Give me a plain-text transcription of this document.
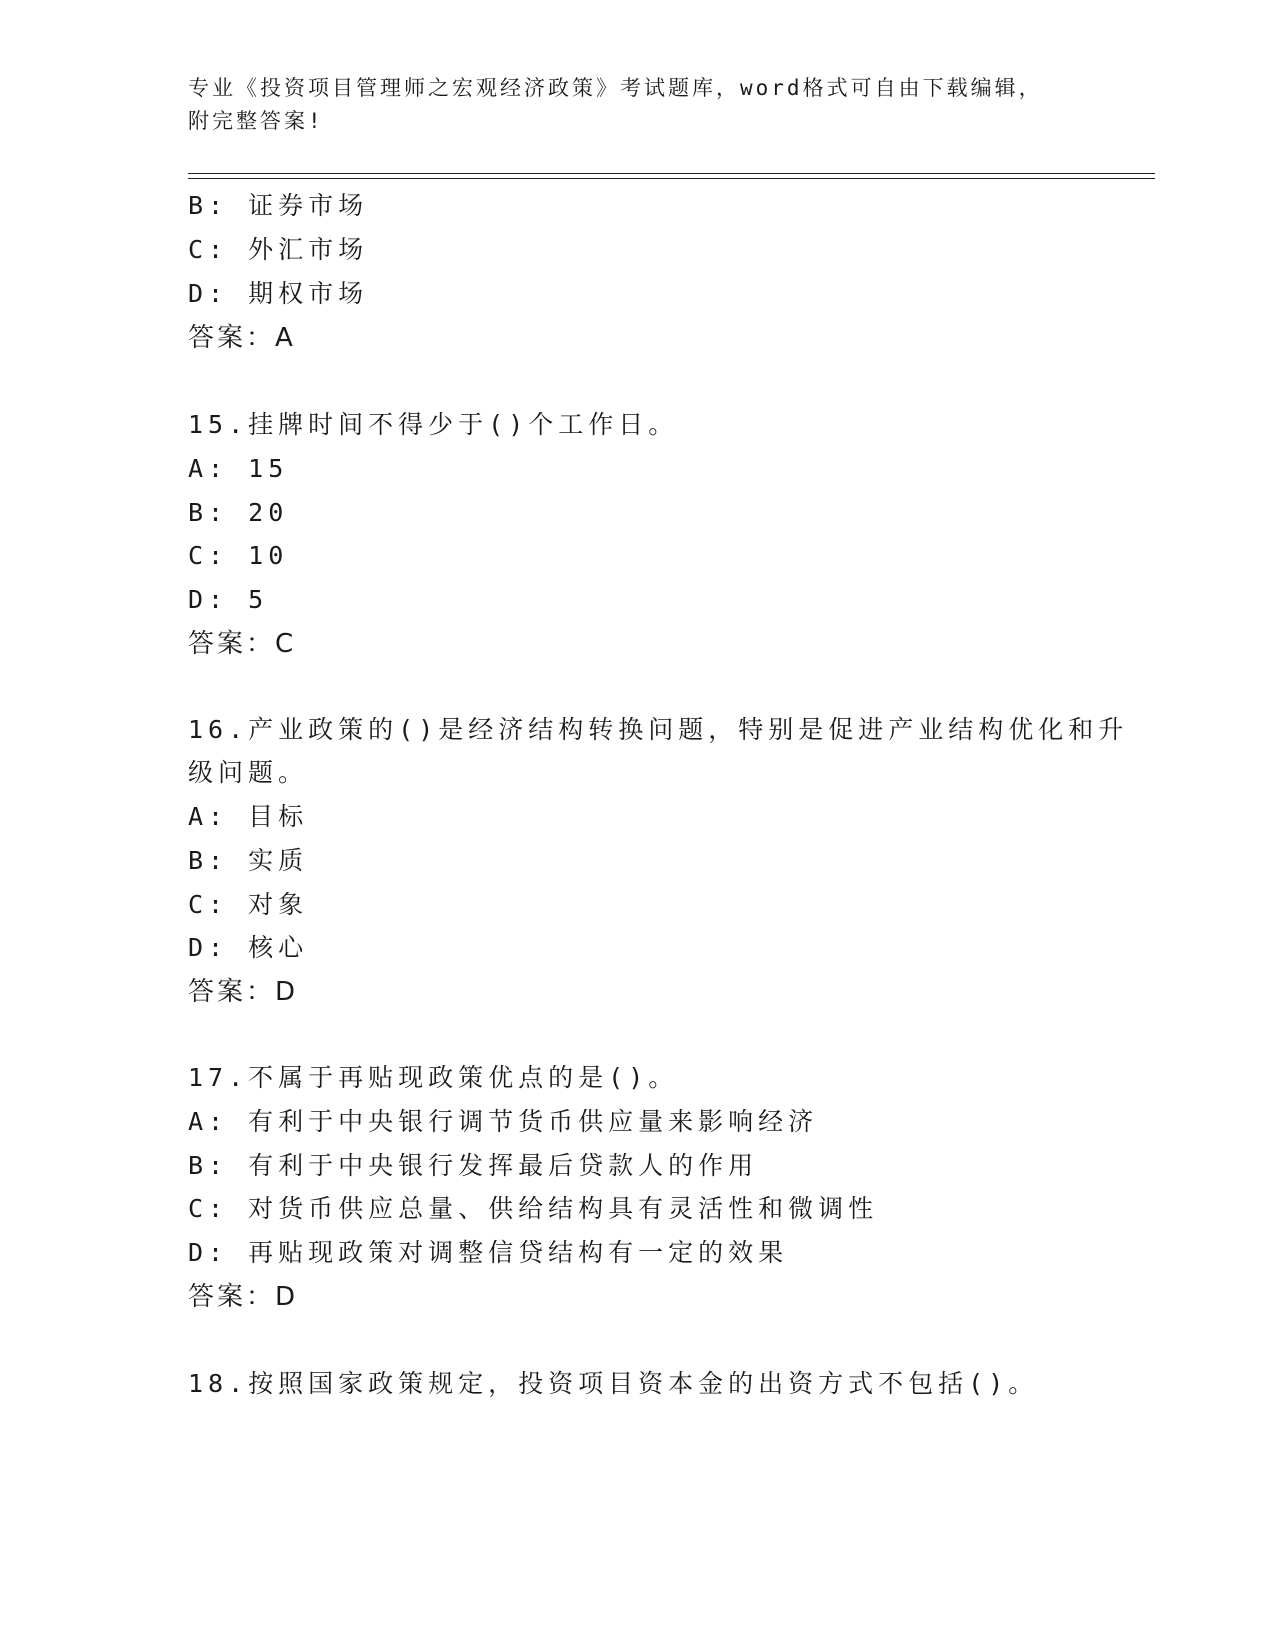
专业《投资项目管理师之宏观经济政策》考试题库，word格式可自由下载编辑，
附完整答案!
B: 证券市场
C: 外汇市场
D: 期权市场
答案：A
15.挂牌时间不得少于()个工作日。
A: 15
B: 20
C: 10
D: 5
答案：C
16.产业政策的()是经济结构转换问题，特别是促进产业结构优化和升
级问题。
A: 目标
B: 实质
C: 对象
D: 核心
答案：D
17.不属于再贴现政策优点的是()。
A: 有利于中央银行调节货币供应量来影响经济
B: 有利于中央银行发挥最后贷款人的作用
C: 对货币供应总量、供给结构具有灵活性和微调性
D: 再贴现政策对调整信贷结构有一定的效果
答案：D
18.按照国家政策规定，投资项目资本金的出资方式不包括()。
